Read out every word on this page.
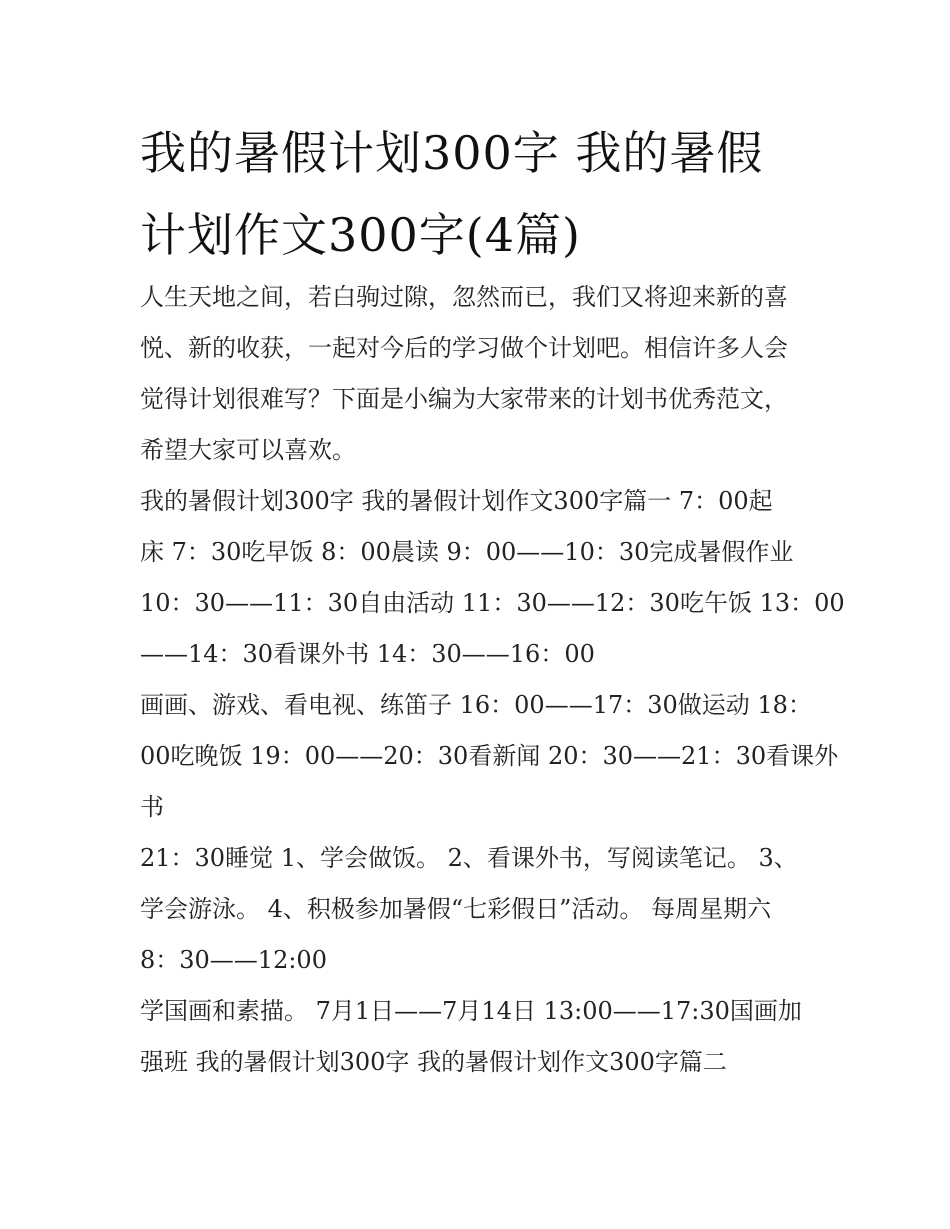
我的暑假计划300字 我的暑假
计划作文300字(4篇)
人生天地之间，若白驹过隙，忽然而已，我们又将迎来新的喜
悦、新的收获，一起对今后的学习做个计划吧。相信许多人会
觉得计划很难写？下面是小编为大家带来的计划书优秀范文，
希望大家可以喜欢。
我的暑假计划300字 我的暑假计划作文300字篇一 7：00起
床 7：30吃早饭 8：00晨读 9：00——10：30完成暑假作业
10：30——11：30自由活动 11：30——12：30吃午饭 13：00
——14：30看课外书 14：30——16：00
画画、游戏、看电视、练笛子 16：00——17：30做运动 18：
00吃晚饭 19：00——20：30看新闻 20：30——21：30看课外
书
21：30睡觉 1、学会做饭。 2、看课外书，写阅读笔记。 3、
学会游泳。 4、积极参加暑假“七彩假日”活动。 每周星期六
8：30——12:00
学国画和素描。 7月1日——7月14日 13:00——17:30国画加
强班 我的暑假计划300字 我的暑假计划作文300字篇二
